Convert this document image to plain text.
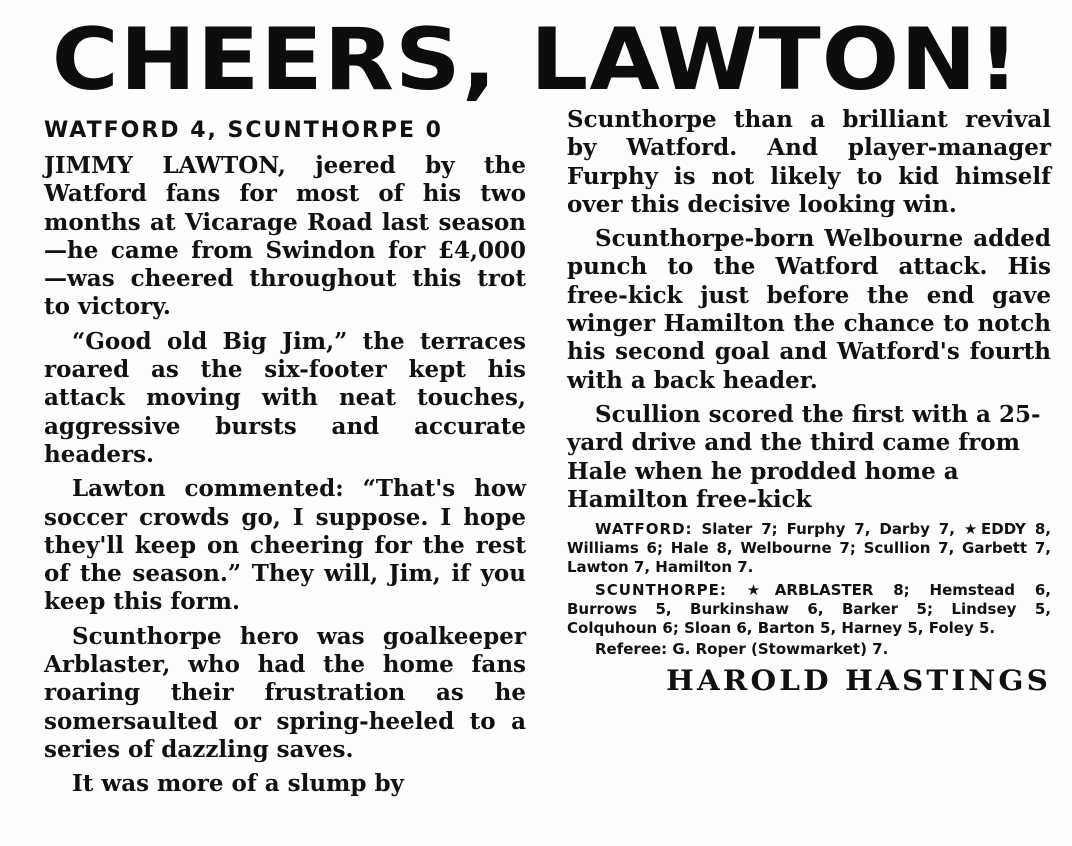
CHEERS, LAWTON!
WATFORD 4, SCUNTHORPE 0

JIMMY LAWTON, jeered by the Watford fans for most of his two months at Vicarage Road last season—he came from Swindon for £4,000—was cheered throughout this trot to victory.

“Good old Big Jim,” the terraces roared as the six-footer kept his attack moving with neat touches, aggressive bursts and accurate headers.

Lawton commented: “That's how soccer crowds go, I suppose. I hope they'll keep on cheering for the rest of the season.” They will, Jim, if you keep this form.

Scunthorpe hero was goalkeeper Arblaster, who had the home fans roaring their frustration as he somersaulted or spring-heeled to a series of dazzling saves.

It was more of a slump by

Scunthorpe than a brilliant revival by Watford. And player-manager Furphy is not likely to kid himself over this decisive looking win.

Scunthorpe-born Welbourne added punch to the Watford attack. His free-kick just before the end gave winger Hamilton the chance to notch his second goal and Watford's fourth with a back header.

Scullion scored the first with a 25-yard drive and the third came from Hale when he prodded home a Hamilton free-kick

WATFORD: Slater 7; Furphy 7, Darby 7, ★EDDY 8, Williams 6; Hale 8, Welbourne 7; Scullion 7, Garbett 7, Lawton 7, Hamilton 7.
SCUNTHORPE: ★ARBLASTER 8; Hemstead 6, Burrows 5, Burkinshaw 6, Barker 5; Lindsey 5, Colquhoun 6; Sloan 6, Barton 5, Harney 5, Foley 5.
Referee: G. Roper (Stowmarket) 7.
HAROLD HASTINGS
